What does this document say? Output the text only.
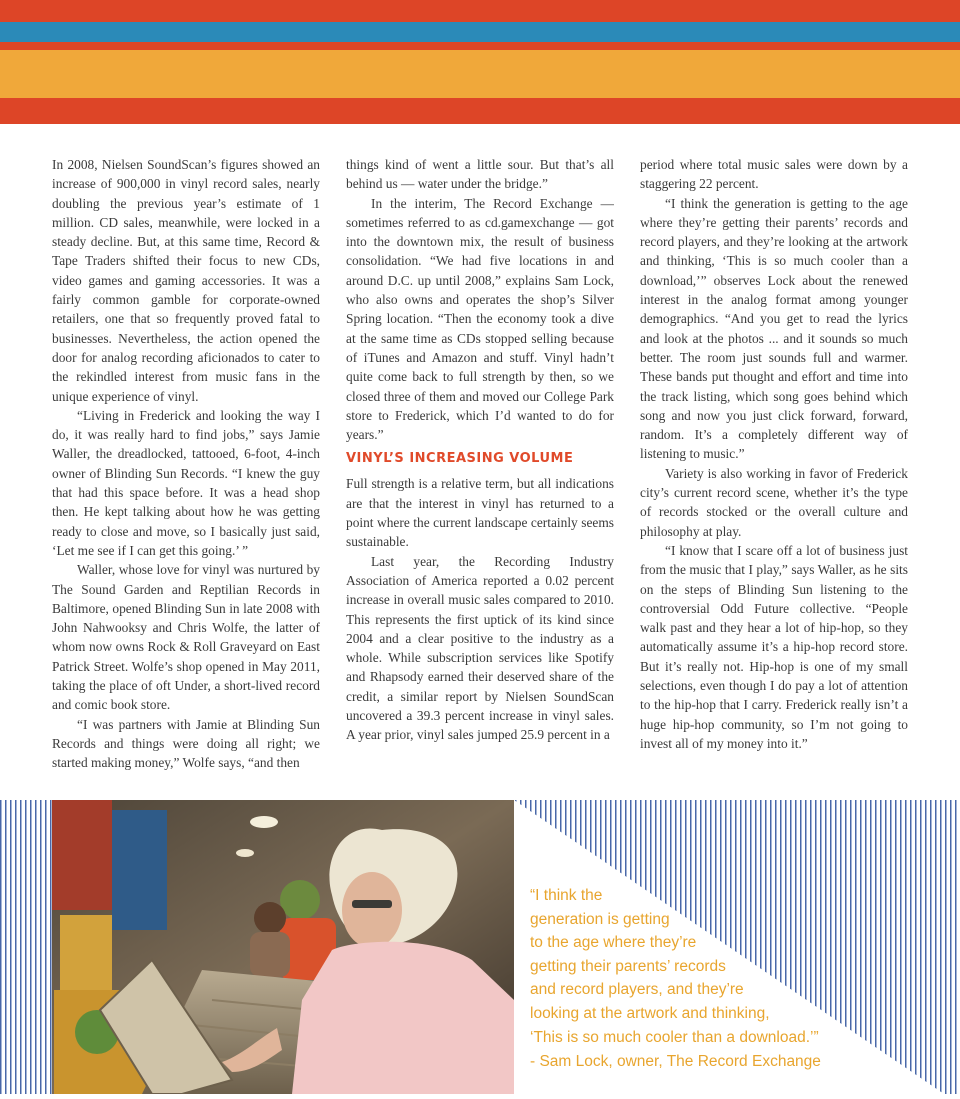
In 2008, Nielsen SoundScan’s figures showed an increase of 900,000 in vinyl record sales, nearly doubling the previous year’s estimate of 1 million. CD sales, meanwhile, were locked in a steady decline. But, at this same time, Record & Tape Traders shifted their focus to new CDs, video games and gaming accessories. It was a fairly common gamble for corporate-owned retailers, one that so frequently proved fatal to businesses. Nevertheless, the action opened the door for analog recording aficionados to cater to the rekindled interest from music fans in the unique experience of vinyl.

“Living in Frederick and looking the way I do, it was really hard to find jobs,” says Jamie Waller, the dreadlocked, tattooed, 6-foot, 4-inch owner of Blinding Sun Records. “I knew the guy that had this space before. It was a head shop then. He kept talking about how he was getting ready to close and move, so I basically just said, ‘Let me see if I can get this going.’ ”

Waller, whose love for vinyl was nurtured by The Sound Garden and Reptilian Records in Baltimore, opened Blinding Sun in late 2008 with John Nahwooksy and Chris Wolfe, the latter of whom now owns Rock & Roll Graveyard on East Patrick Street. Wolfe’s shop opened in May 2011, taking the place of oft Under, a short-lived record and comic book store.

“I was partners with Jamie at Blinding Sun Records and things were doing all right; we started making money,” Wolfe says, “and then

things kind of went a little sour. But that’s all behind us — water under the bridge.”

In the interim, The Record Exchange — sometimes referred to as cd.gamexchange — got into the downtown mix, the result of business consolidation. “We had five locations in and around D.C. up until 2008,” explains Sam Lock, who also owns and operates the shop’s Silver Spring location. “Then the economy took a dive at the same time as CDs stopped selling because of iTunes and Amazon and stuff. Vinyl hadn’t quite come back to full strength by then, so we closed three of them and moved our College Park store to Frederick, which I’d wanted to do for years.”

VINYL’S INCREASING VOLUME

Full strength is a relative term, but all indications are that the interest in vinyl has returned to a point where the current landscape certainly seems sustainable.

Last year, the Recording Industry Association of America reported a 0.02 percent increase in overall music sales compared to 2010. This represents the first uptick of its kind since 2004 and a clear positive to the industry as a whole. While subscription services like Spotify and Rhapsody earned their deserved share of the credit, a similar report by Nielsen SoundScan uncovered a 39.3 percent increase in vinyl sales. A year prior, vinyl sales jumped 25.9 percent in a

period where total music sales were down by a staggering 22 percent.

“I think the generation is getting to the age where they’re getting their parents’ records and record players, and they’re looking at the artwork and thinking, ‘This is so much cooler than a download,’” observes Lock about the renewed interest in the analog format among younger demographics. “And you get to read the lyrics and look at the photos ... and it sounds so much better. The room just sounds full and warmer. These bands put thought and effort and time into the track listing, which song goes behind which song and now you just click forward, forward, random. It’s a completely different way of listening to music.”

Variety is also working in favor of Frederick city’s current record scene, whether it’s the type of records stocked or the overall culture and philosophy at play.

“I know that I scare off a lot of business just from the music that I play,” says Waller, as he sits on the steps of Blinding Sun listening to the controversial Odd Future collective. “People walk past and they hear a lot of hip-hop, so they automatically assume it’s a hip-hop record store. But it’s really not. Hip-hop is one of my small selections, even though I do pay a lot of attention to the hip-hop that I carry. Frederick really isn’t a huge hip-hop community, so I’m not going to invest all of my money into it.”

“I think the
generation is getting
to the age where they’re
getting their parents’ records
and record players, and they’re
looking at the artwork and thinking,
‘This is so much cooler than a download.’”
- Sam Lock, owner, The Record Exchange
